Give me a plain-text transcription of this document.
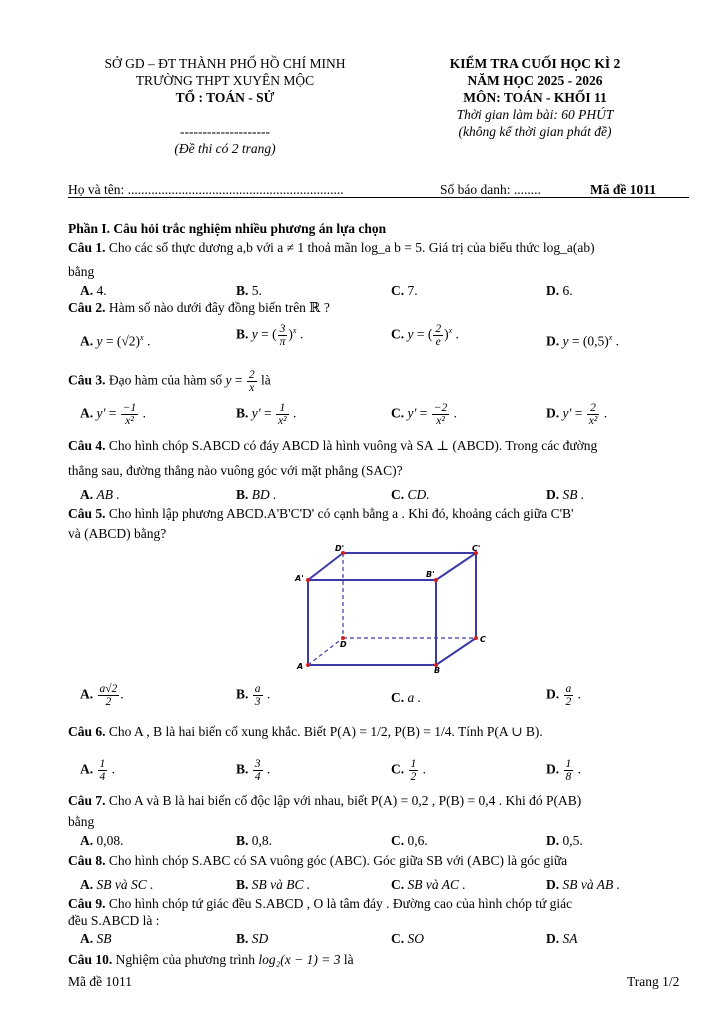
SỞ GD – ĐT THÀNH PHỐ HỒ CHÍ MINH
TRƯỜNG THPT XUYÊN MỘC
TỔ : TOÁN - SỬ
--------------------
(Đề thi có 2 trang)
KIỂM TRA CUỐI HỌC KÌ 2
NĂM HỌC 2025 - 2026
MÔN: TOÁN - KHỐI 11
Thời gian làm bài: 60 PHÚT
(không kể thời gian phát đề)
Họ và tên: ................................................................	Số báo danh: ........	Mã đề 1011
Phần I. Câu hỏi trắc nghiệm nhiều phương án lựa chọn
Câu 1. Cho các số thực dương a,b với a ≠ 1 thoả mãn log_a b = 5. Giá trị của biểu thức log_a(ab)
bằng
A. 4.	B. 5.	C. 7.	D. 6.
Câu 2. Hàm số nào dưới đây đồng biến trên ℝ ?
A. $y = (√2)^x$ .	B. y = ( $\frac{3}{\pi} )^x$ .	C. y = ( $\frac{2}{e} )^x$ .	D. $y = (0,5)^x$ .
Câu 3. Đạo hàm của hàm số $y = \frac{2}{x}$ là
A. $y' = \frac{-1}{\text{x²}}$ .	B. $y' = \frac{1}{\text{x²}}$ .	C. $y' = \frac{-2}{\text{x²}}$ .	D. $y' = \frac{2}{\text{x²}}$ .
Câu 4. Cho hình chóp S.ABCD có đáy ABCD là hình vuông và SA ⊥ (ABCD). Trong các đường
thẳng sau, đường thẳng nào vuông góc với mặt phẳng (SAC)?
A. AB .	B. BD .	C. CD.	D. SB .
Câu 5. Cho hình lập phương ABCD.A'B'C'D' có cạnh bằng a . Khi đó, khoảng cách giữa C'B'
và (ABCD) bằng?
A	B
C
D
A'	B'
C'
D'
A. $\frac{a√2}{2}$ .	B. $\frac{a}{3}$ .	C. a .	D. $\frac{a}{2}$ .
Câu 6. Cho A , B là hai biến cố xung khắc. Biết P(A) = 1/2, P(B) = 1/4. Tính P(A ∪ B).
A. $\frac{1}{4}$ .	B. $\frac{3}{4}$ .	C. $\frac{1}{2}$ .	D. $\frac{1}{8}$ .
Câu 7. Cho A và B là hai biến cố độc lập với nhau, biết P(A) = 0,2 , P(B) = 0,4 . Khi đó P(AB)
bằng
A. 0,08.	B. 0,8.	C. 0,6.	D. 0,5.
Câu 8. Cho hình chóp S.ABC có SA vuông góc (ABC). Góc giữa SB với (ABC) là góc giữa
A. SB và SC .	B. SB và BC .	C. SB và AC .	D. SB và AB .
Câu 9. Cho hình chóp tứ giác đều S.ABCD , O là tâm đáy . Đường cao của hình chóp tứ giác
đều S.ABCD là :
A. SB	B. SD	C. SO	D. SA
Câu 10. Nghiệm của phương trình log₂(x − 1) = 3 là
Mã đề 1011	Trang 1/2
